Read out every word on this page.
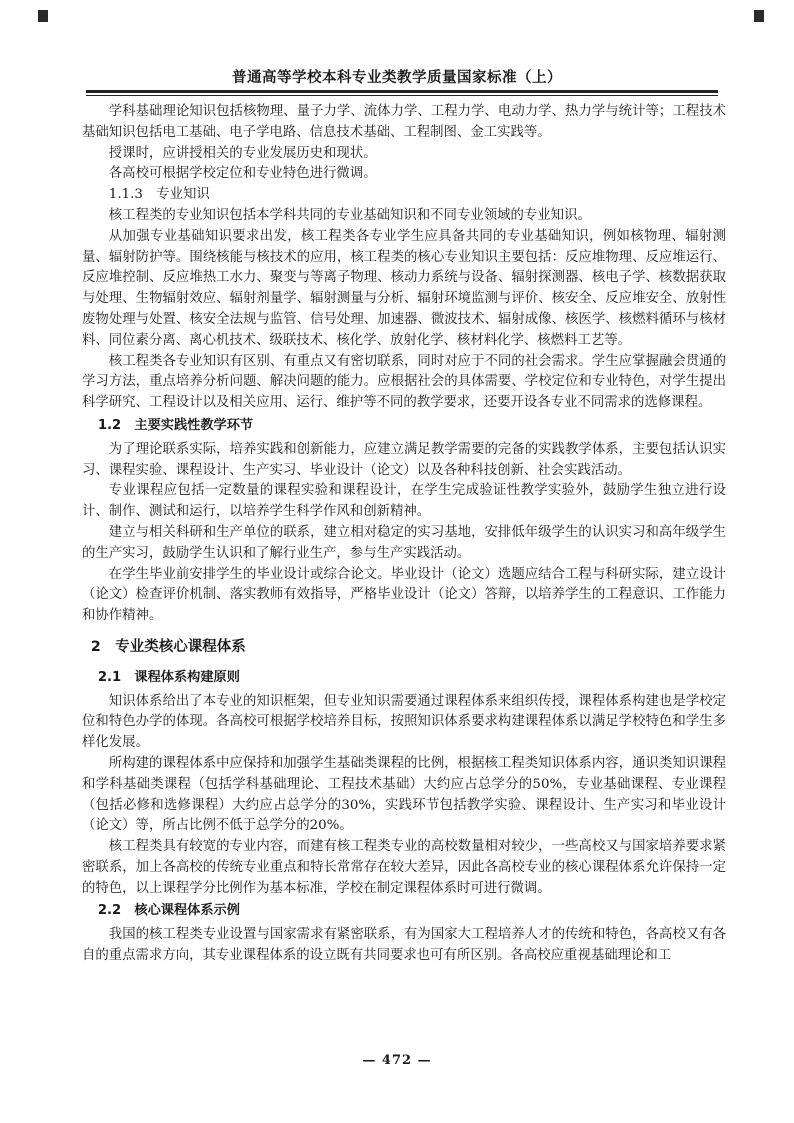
普通高等学校本科专业类教学质量国家标准（上）

学科基础理论知识包括核物理、量子力学、流体力学、工程力学、电动力学、热力学与统计等；工程技术基础知识包括电工基础、电子学电路、信息技术基础、工程制图、金工实践等。

授课时，应讲授相关的专业发展历史和现状。

各高校可根据学校定位和专业特色进行微调。

1.1.3　专业知识

核工程类的专业知识包括本学科共同的专业基础知识和不同专业领域的专业知识。

从加强专业基础知识要求出发，核工程类各专业学生应具备共同的专业基础知识，例如核物理、辐射测量、辐射防护等。围绕核能与核技术的应用，核工程类的核心专业知识主要包括：反应堆物理、反应堆运行、反应堆控制、反应堆热工水力、聚变与等离子物理、核动力系统与设备、辐射探测器、核电子学、核数据获取与处理、生物辐射效应、辐射剂量学、辐射测量与分析、辐射环境监测与评价、核安全、反应堆安全、放射性废物处理与处置、核安全法规与监管、信号处理、加速器、微波技术、辐射成像、核医学、核燃料循环与核材料、同位素分离、离心机技术、级联技术、核化学、放射化学、核材料化学、核燃料工艺等。

核工程类各专业知识有区别、有重点又有密切联系，同时对应于不同的社会需求。学生应掌握融会贯通的学习方法，重点培养分析问题、解决问题的能力。应根据社会的具体需要、学校定位和专业特色，对学生提出科学研究、工程设计以及相关应用、运行、维护等不同的教学要求，还要开设各专业不同需求的选修课程。

1.2　主要实践性教学环节

为了理论联系实际，培养实践和创新能力，应建立满足教学需要的完备的实践教学体系，主要包括认识实习、课程实验、课程设计、生产实习、毕业设计（论文）以及各种科技创新、社会实践活动。

专业课程应包括一定数量的课程实验和课程设计，在学生完成验证性教学实验外，鼓励学生独立进行设计、制作、测试和运行，以培养学生科学作风和创新精神。

建立与相关科研和生产单位的联系，建立相对稳定的实习基地，安排低年级学生的认识实习和高年级学生的生产实习，鼓励学生认识和了解行业生产，参与生产实践活动。

在学生毕业前安排学生的毕业设计或综合论文。毕业设计（论文）选题应结合工程与科研实际，建立设计（论文）检查评价机制、落实教师有效指导，严格毕业设计（论文）答辩，以培养学生的工程意识、工作能力和协作精神。

2　专业类核心课程体系
2.1　课程体系构建原则

知识体系给出了本专业的知识框架，但专业知识需要通过课程体系来组织传授，课程体系构建也是学校定位和特色办学的体现。各高校可根据学校培养目标，按照知识体系要求构建课程体系以满足学校特色和学生多样化发展。

所构建的课程体系中应保持和加强学生基础类课程的比例，根据核工程类知识体系内容，通识类知识课程和学科基础类课程（包括学科基础理论、工程技术基础）大约应占总学分的50%，专业基础课程、专业课程（包括必修和选修课程）大约应占总学分的30%，实践环节包括教学实验、课程设计、生产实习和毕业设计（论文）等，所占比例不低于总学分的20%。

核工程类具有较宽的专业内容，而建有核工程类专业的高校数量相对较少，一些高校又与国家培养要求紧密联系，加上各高校的传统专业重点和特长常常存在较大差异，因此各高校专业的核心课程体系允许保持一定的特色，以上课程学分比例作为基本标准，学校在制定课程体系时可进行微调。

2.2　核心课程体系示例

我国的核工程类专业设置与国家需求有紧密联系，有为国家大工程培养人才的传统和特色，各高校又有各自的重点需求方向，其专业课程体系的设立既有共同要求也可有所区别。各高校应重视基础理论和工

— 472 —
